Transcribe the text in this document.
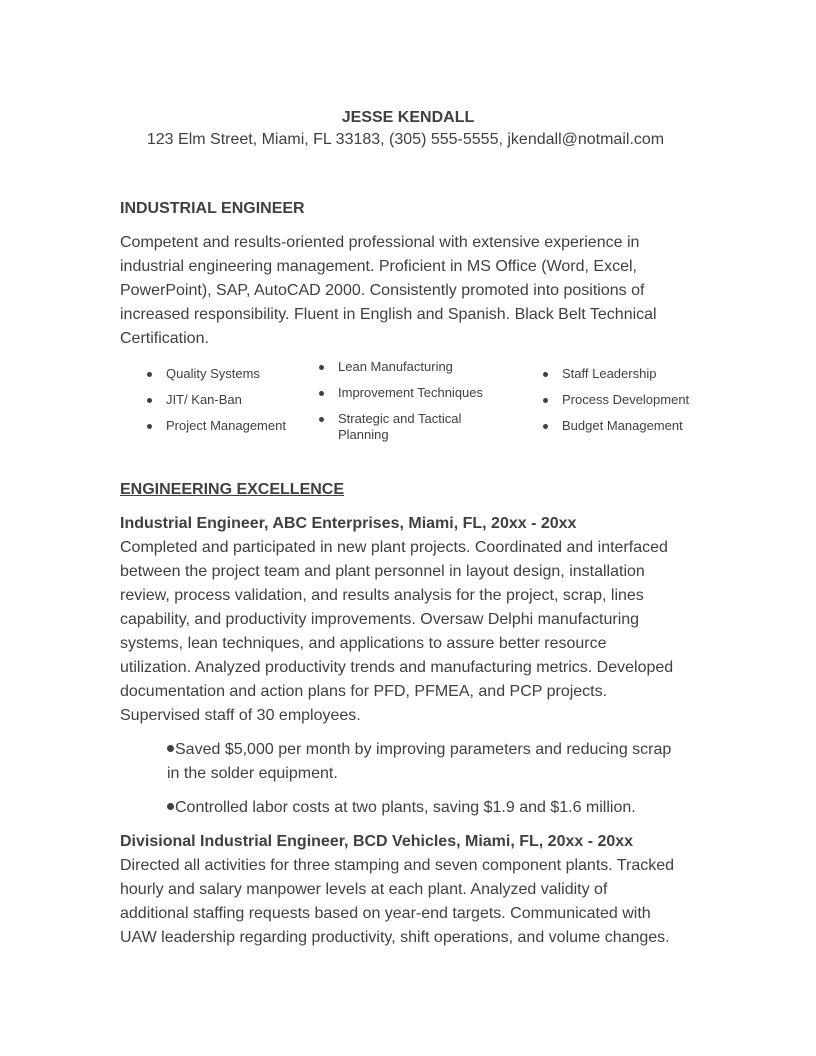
JESSE KENDALL
123 Elm Street, Miami, FL 33183, (305) 555-5555, jkendall@notmail.com
INDUSTRIAL ENGINEER
Competent and results-oriented professional with extensive experience in industrial engineering management. Proficient in MS Office (Word, Excel, PowerPoint), SAP, AutoCAD 2000. Consistently promoted into positions of increased responsibility. Fluent in English and Spanish. Black Belt Technical Certification.
Quality Systems
JIT/ Kan-Ban
Project Management
Lean Manufacturing
Improvement Techniques
Strategic and Tactical Planning
Staff Leadership
Process Development
Budget Management
ENGINEERING EXCELLENCE
Industrial Engineer, ABC Enterprises, Miami, FL, 20xx - 20xx
Completed and participated in new plant projects. Coordinated and interfaced between the project team and plant personnel in layout design, installation review, process validation, and results analysis for the project, scrap, lines capability, and productivity improvements. Oversaw Delphi manufacturing systems, lean techniques, and applications to assure better resource utilization. Analyzed productivity trends and manufacturing metrics. Developed documentation and action plans for PFD, PFMEA, and PCP projects. Supervised staff of 30 employees.
Saved $5,000 per month by improving parameters and reducing scrap in the solder equipment.
Controlled labor costs at two plants, saving $1.9 and $1.6 million.
Divisional Industrial Engineer, BCD Vehicles, Miami, FL, 20xx - 20xx
Directed all activities for three stamping and seven component plants. Tracked hourly and salary manpower levels at each plant. Analyzed validity of additional staffing requests based on year-end targets. Communicated with UAW leadership regarding productivity, shift operations, and volume changes.
